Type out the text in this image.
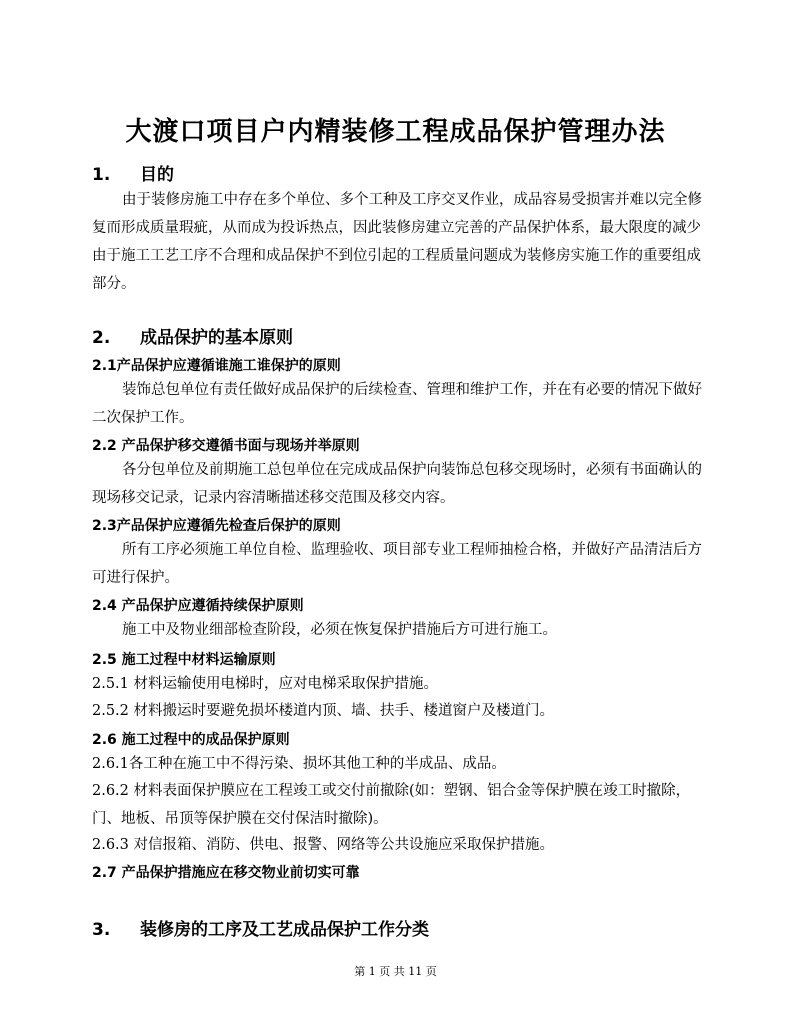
大渡口项目户内精装修工程成品保护管理办法
1. 目的
由于装修房施工中存在多个单位、多个工种及工序交叉作业，成品容易受损害并难以完全修复而形成质量瑕疵，从而成为投诉热点，因此装修房建立完善的产品保护体系，最大限度的减少由于施工工艺工序不合理和成品保护不到位引起的工程质量问题成为装修房实施工作的重要组成部分。
2. 成品保护的基本原则
2.1产品保护应遵循谁施工谁保护的原则
装饰总包单位有责任做好成品保护的后续检查、管理和维护工作，并在有必要的情况下做好二次保护工作。
2.2 产品保护移交遵循书面与现场并举原则
各分包单位及前期施工总包单位在完成成品保护向装饰总包移交现场时，必须有书面确认的现场移交记录，记录内容清晰描述移交范围及移交内容。
2.3产品保护应遵循先检查后保护的原则
所有工序必须施工单位自检、监理验收、项目部专业工程师抽检合格，并做好产品清洁后方可进行保护。
2.4 产品保护应遵循持续保护原则
施工中及物业细部检查阶段，必须在恢复保护措施后方可进行施工。
2.5 施工过程中材料运输原则
2.5.1 材料运输使用电梯时，应对电梯采取保护措施。
2.5.2 材料搬运时要避免损坏楼道内顶、墙、扶手、楼道窗户及楼道门。
2.6 施工过程中的成品保护原则
2.6.1各工种在施工中不得污染、损坏其他工种的半成品、成品。
2.6.2 材料表面保护膜应在工程竣工或交付前撤除(如：塑钢、铝合金等保护膜在竣工时撤除，门、地板、吊顶等保护膜在交付保洁时撤除)。
2.6.3 对信报箱、消防、供电、报警、网络等公共设施应采取保护措施。
2.7 产品保护措施应在移交物业前切实可靠
3. 装修房的工序及工艺成品保护工作分类
第 1 页 共 11 页
